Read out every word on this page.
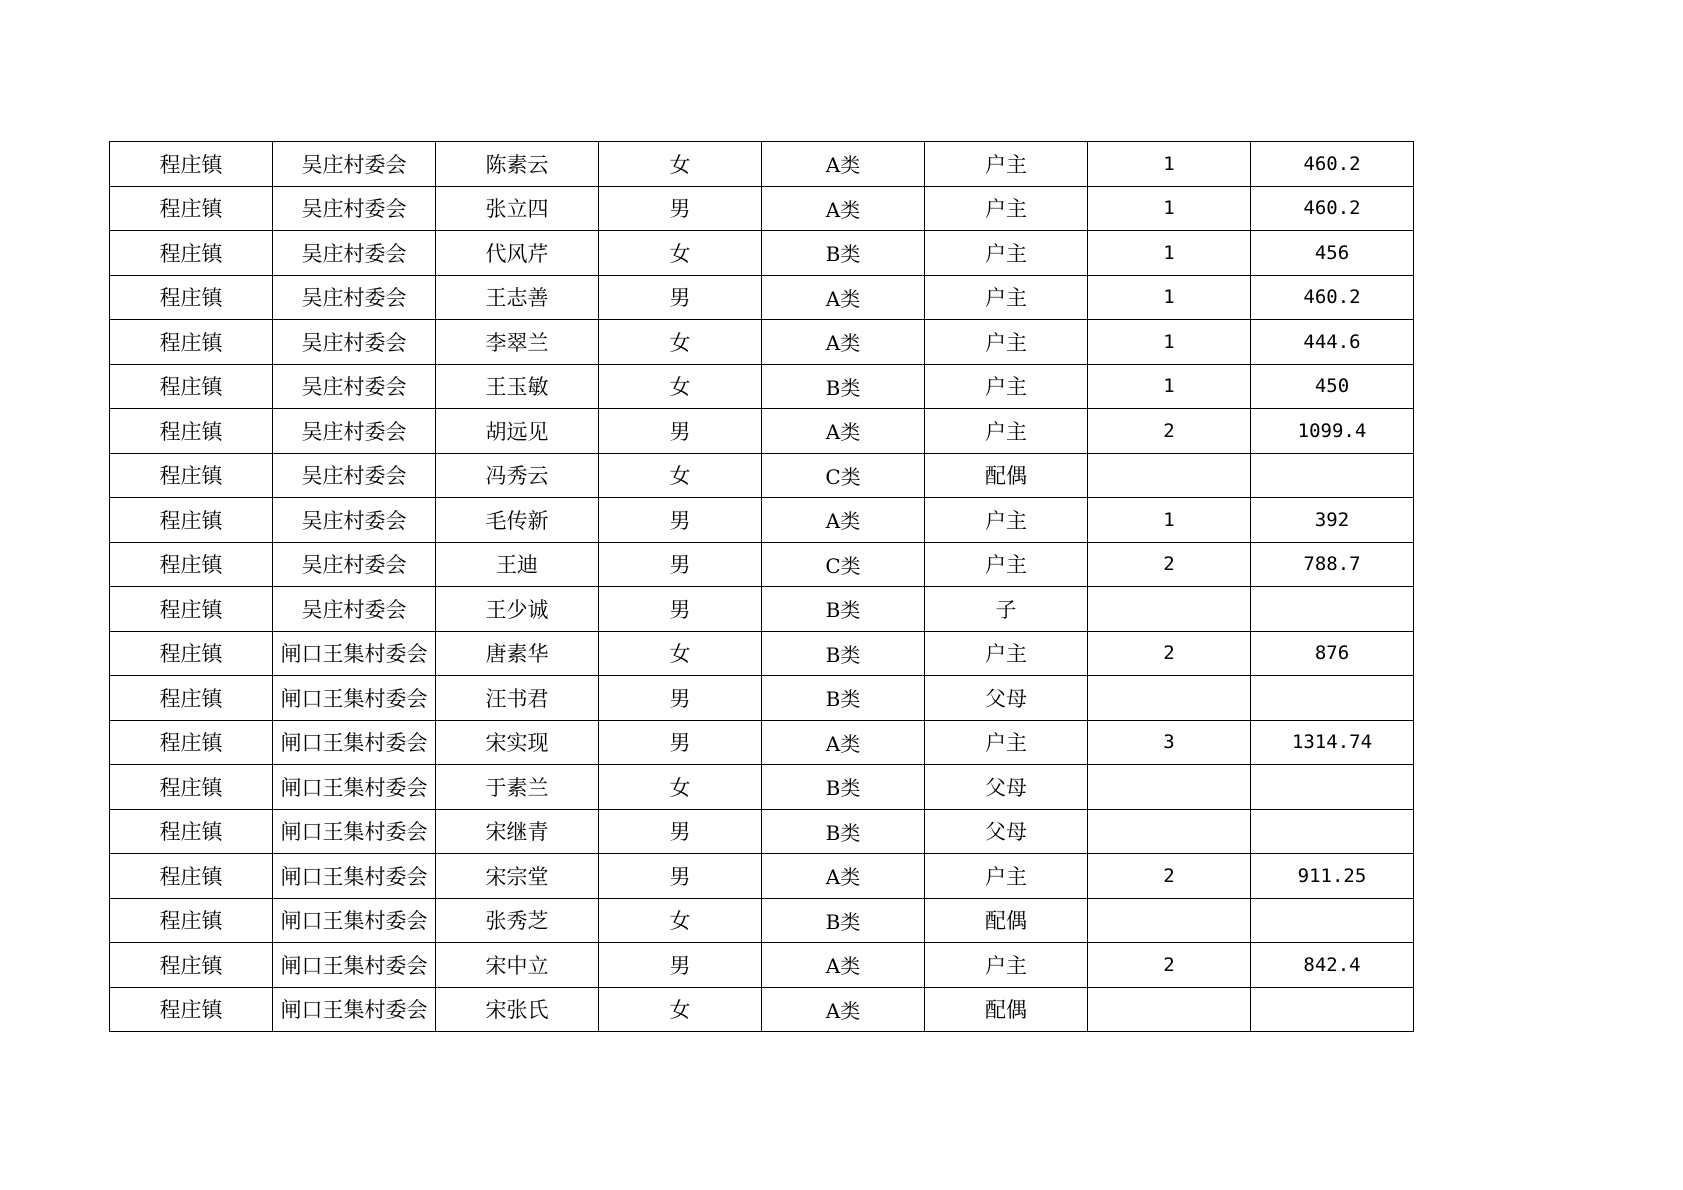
程庄镇	吴庄村委会	陈素云	女	A类	户主	1	460.2
程庄镇	吴庄村委会	张立四	男	A类	户主	1	460.2
程庄镇	吴庄村委会	代风芹	女	B类	户主	1	456
程庄镇	吴庄村委会	王志善	男	A类	户主	1	460.2
程庄镇	吴庄村委会	李翠兰	女	A类	户主	1	444.6
程庄镇	吴庄村委会	王玉敏	女	B类	户主	1	450
程庄镇	吴庄村委会	胡远见	男	A类	户主	2	1099.4
程庄镇	吴庄村委会	冯秀云	女	C类	配偶		
程庄镇	吴庄村委会	毛传新	男	A类	户主	1	392
程庄镇	吴庄村委会	王迪	男	C类	户主	2	788.7
程庄镇	吴庄村委会	王少诚	男	B类	子		
程庄镇	闸口王集村委会	唐素华	女	B类	户主	2	876
程庄镇	闸口王集村委会	汪书君	男	B类	父母		
程庄镇	闸口王集村委会	宋实现	男	A类	户主	3	1314.74
程庄镇	闸口王集村委会	于素兰	女	B类	父母		
程庄镇	闸口王集村委会	宋继青	男	B类	父母		
程庄镇	闸口王集村委会	宋宗堂	男	A类	户主	2	911.25
程庄镇	闸口王集村委会	张秀芝	女	B类	配偶		
程庄镇	闸口王集村委会	宋中立	男	A类	户主	2	842.4
程庄镇	闸口王集村委会	宋张氏	女	A类	配偶		
